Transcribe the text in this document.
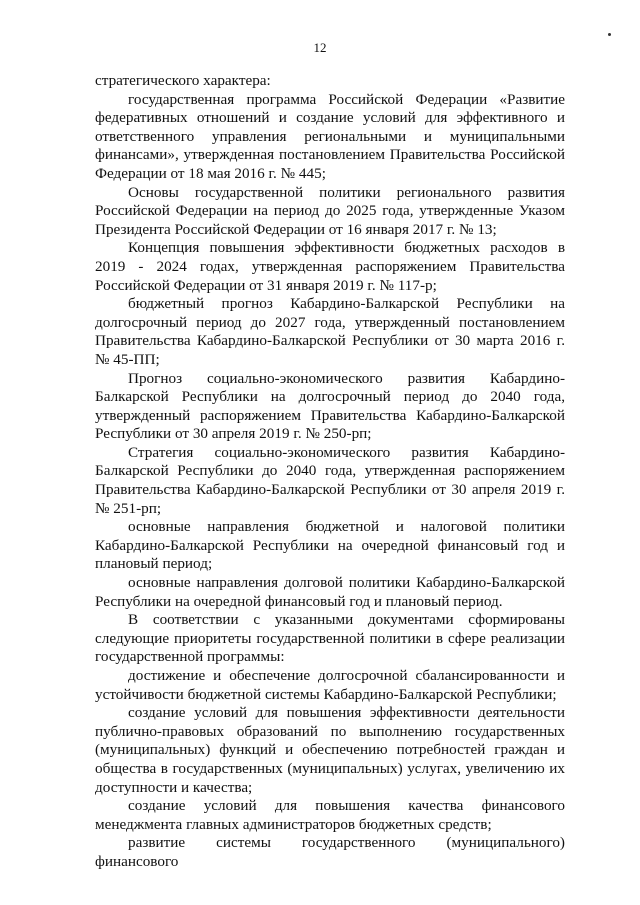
12

стратегического характера:

государственная программа Российской Федерации «Развитие федеративных отношений и создание условий для эффективного и ответственного управления региональными и муниципальными финансами», утвержденная постановлением Правительства Российской Федерации от 18 мая 2016 г. № 445;

Основы государственной политики регионального развития Российской Федерации на период до 2025 года, утвержденные Указом Президента Российской Федерации от 16 января 2017 г. № 13;

Концепция повышения эффективности бюджетных расходов в 2019 - 2024 годах, утвержденная распоряжением Правительства Российской Федерации от 31 января 2019 г. № 117-р;

бюджетный прогноз Кабардино-Балкарской Республики на долгосрочный период до 2027 года, утвержденный постановлением Правительства Кабардино-Балкарской Республики от 30 марта 2016 г. № 45-ПП;

Прогноз социально-экономического развития Кабардино-Балкарской Республики на долгосрочный период до 2040 года, утвержденный распоряжением Правительства Кабардино-Балкарской Республики от 30 апреля 2019 г. № 250-рп;

Стратегия социально-экономического развития Кабардино-Балкарской Республики до 2040 года, утвержденная распоряжением Правительства Кабардино-Балкарской Республики от 30 апреля 2019 г. № 251-рп;

основные направления бюджетной и налоговой политики Кабардино-Балкарской Республики на очередной финансовый год и плановый период;

основные направления долговой политики Кабардино-Балкарской Республики на очередной финансовый год и плановый период.

В соответствии с указанными документами сформированы следующие приоритеты государственной политики в сфере реализации государственной программы:

достижение и обеспечение долгосрочной сбалансированности и устойчивости бюджетной системы Кабардино-Балкарской Республики;

создание условий для повышения эффективности деятельности публично-правовых образований по выполнению государственных (муниципальных) функций и обеспечению потребностей граждан и общества в государственных (муниципальных) услугах, увеличению их доступности и качества;

создание условий для повышения качества финансового менеджмента главных администраторов бюджетных средств;

развитие системы государственного (муниципального) финансового
